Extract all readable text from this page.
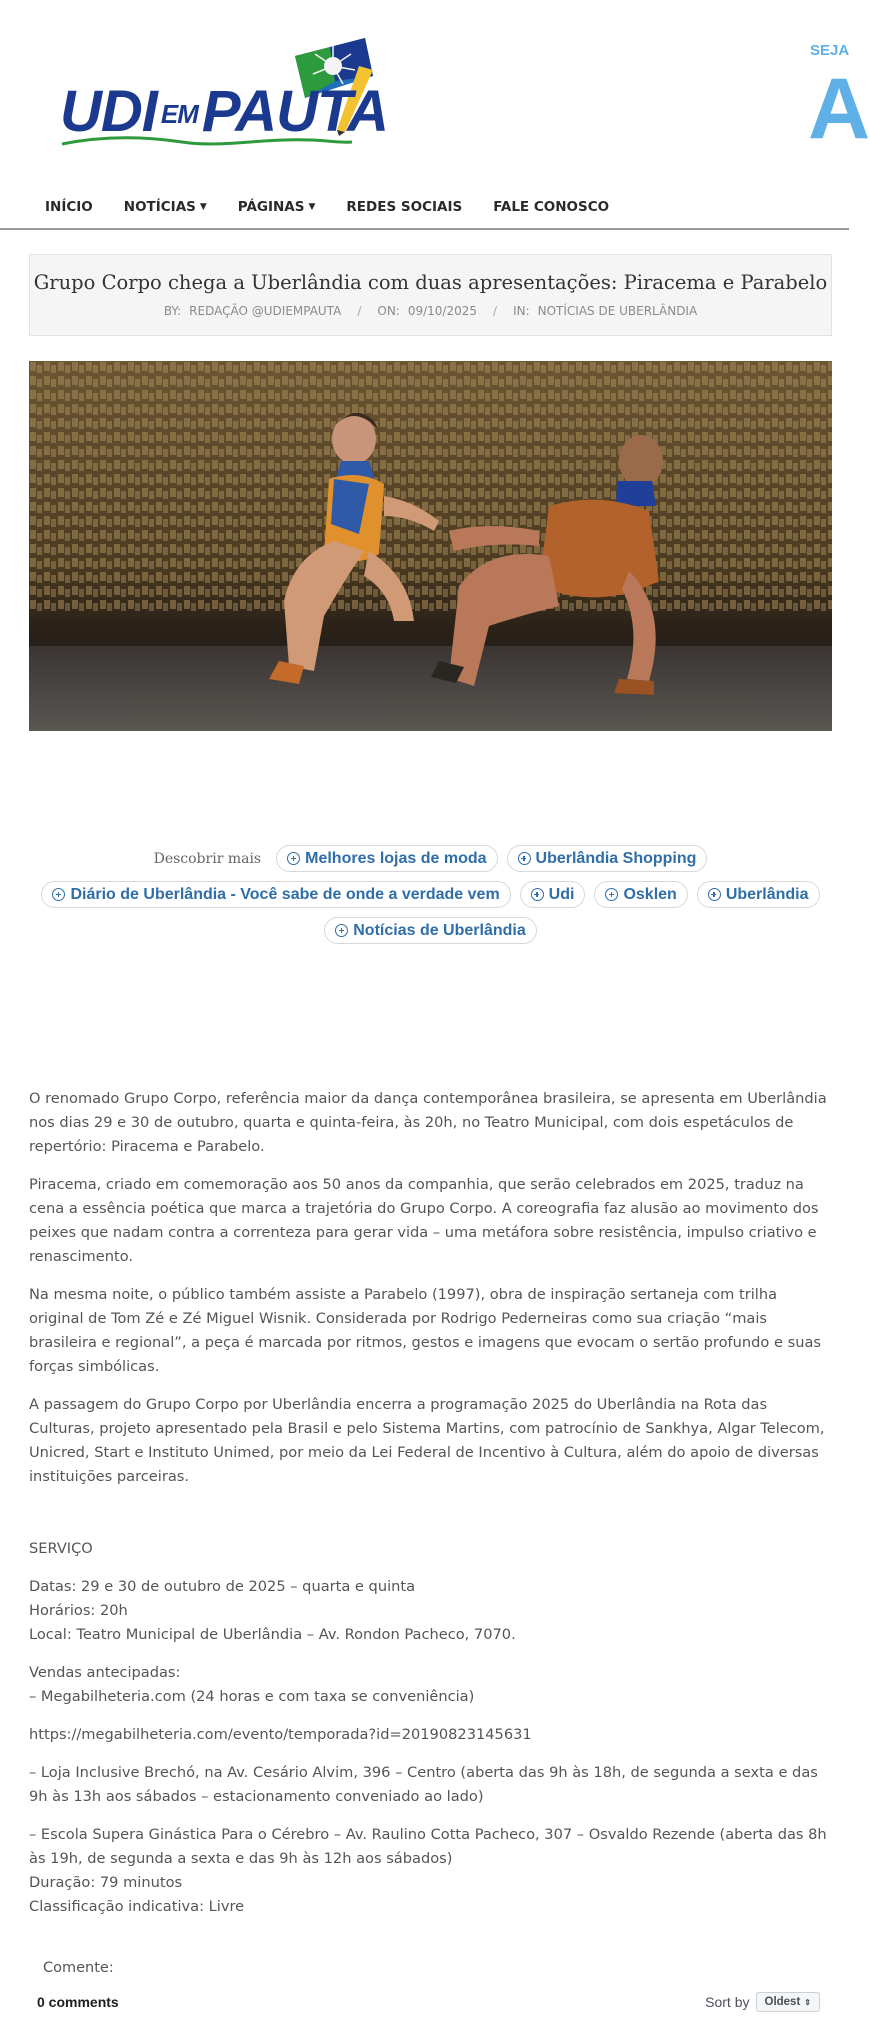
UDI EMPAUTA
SEJA
A
INÍCIO NOTÍCIAS ▼ PÁGINAS ▼ REDES SOCIAIS FALE CONOSCO
Grupo Corpo chega a Uberlândia com duas apresentações: Piracema e Parabelo
BY: REDAÇÃO @UDIEMPAUTA / ON: 09/10/2025 / IN: NOTÍCIAS DE UBERLÂNDIA
Descobrir mais	Melhores lojas de moda	Uberlândia Shopping
Diário de Uberlândia - Você sabe de onde a verdade vem	Udi	Osklen	Uberlândia
Notícias de Uberlândia

O renomado Grupo Corpo, referência maior da dança contemporânea brasileira, se apresenta em Uberlândia nos dias 29 e 30 de outubro, quarta e quinta-feira, às 20h, no Teatro Municipal, com dois espetáculos de repertório: Piracema e Parabelo.

Piracema, criado em comemoração aos 50 anos da companhia, que serão celebrados em 2025, traduz na cena a essência poética que marca a trajetória do Grupo Corpo. A coreografia faz alusão ao movimento dos peixes que nadam contra a correnteza para gerar vida – uma metáfora sobre resistência, impulso criativo e renascimento.

Na mesma noite, o público também assiste a Parabelo (1997), obra de inspiração sertaneja com trilha original de Tom Zé e Zé Miguel Wisnik. Considerada por Rodrigo Pederneiras como sua criação “mais brasileira e regional”, a peça é marcada por ritmos, gestos e imagens que evocam o sertão profundo e suas forças simbólicas.

A passagem do Grupo Corpo por Uberlândia encerra a programação 2025 do Uberlândia na Rota das Culturas, projeto apresentado pela Brasil e pelo Sistema Martins, com patrocínio de Sankhya, Algar Telecom, Unicred, Start e Instituto Unimed, por meio da Lei Federal de Incentivo à Cultura, além do apoio de diversas instituições parceiras.

SERVIÇO

Datas: 29 e 30 de outubro de 2025 – quarta e quinta
Horários: 20h
Local: Teatro Municipal de Uberlândia – Av. Rondon Pacheco, 7070.

Vendas antecipadas:
– Megabilheteria.com (24 horas e com taxa se conveniência)

https://megabilheteria.com/evento/temporada?id=20190823145631

– Loja Inclusive Brechó, na Av. Cesário Alvim, 396 – Centro (aberta das 9h às 18h, de segunda a sexta e das 9h às 13h aos sábados – estacionamento conveniado ao lado)

– Escola Supera Ginástica Para o Cérebro – Av. Raulino Cotta Pacheco, 307 – Osvaldo Rezende (aberta das 8h às 19h, de segunda a sexta e das 9h às 12h aos sábados)
Duração: 79 minutos
Classificação indicativa: Livre

Comente:
0 comments	Sort by Oldest ⇕
